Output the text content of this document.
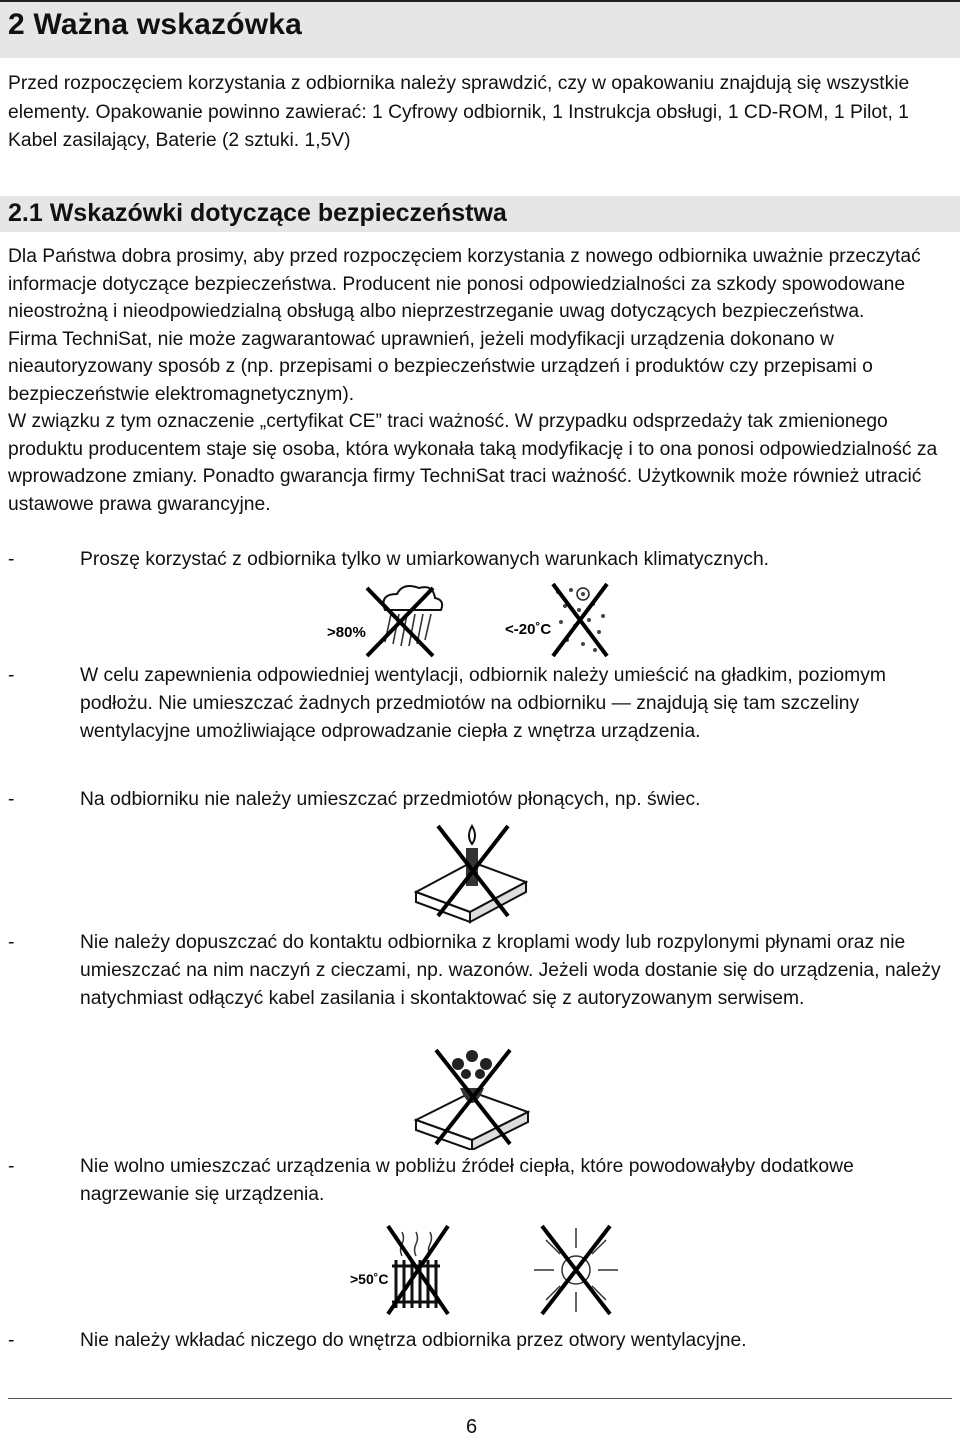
2 Ważna wskazówka

Przed rozpoczęciem korzystania z odbiornika należy sprawdzić, czy w opakowaniu znajdują się wszystkie elementy. Opakowanie powinno zawierać: 1 Cyfrowy odbiornik, 1 Instrukcja obsługi, 1 CD-ROM, 1 Pilot, 1 Kabel zasilający, Baterie (2 sztuki. 1,5V)

2.1 Wskazówki dotyczące bezpieczeństwa

Dla Państwa dobra prosimy, aby przed rozpoczęciem korzystania z nowego odbiornika uważnie przeczytać informacje dotyczące bezpieczeństwa. Producent nie ponosi odpowiedzialności za szkody spowodowane nieostrożną i nieodpowiedzialną obsługą albo nieprzestrzeganie uwag dotyczących bezpieczeństwa.

Firma TechniSat, nie może zagwarantować uprawnień, jeżeli modyfikacji urządzenia dokonano w nieautoryzowany sposób z (np. przepisami o bezpieczeństwie urządzeń i produktów czy przepisami o bezpieczeństwie elektromagnetycznym).

W związku z tym oznaczenie „certyfikat CE” traci ważność. W przypadku odsprzedaży tak zmienionego produktu producentem staje się osoba, która wykonała taką modyfikację i to ona ponosi odpowiedzialność za wprowadzone zmiany. Ponadto gwarancja firmy TechniSat traci ważność. Użytkownik może również utracić ustawowe prawa gwarancyjne.

-	Proszę korzystać z odbiornika tylko w umiarkowanych warunkach klimatycznych.
>80%	<-20˚C
-	W celu zapewnienia odpowiedniej wentylacji, odbiornik należy umieścić na gładkim, poziomym podłożu. Nie umieszczać żadnych przedmiotów na odbiorniku — znajdują się tam szczeliny wentylacyjne umożliwiające odprowadzanie ciepła z wnętrza urządzenia.
-	Na odbiorniku nie należy umieszczać przedmiotów płonących, np. świec.
-	Nie należy dopuszczać do kontaktu odbiornika z kroplami wody lub rozpylonymi płynami oraz nie umieszczać na nim naczyń z cieczami, np. wazonów. Jeżeli woda dostanie się do urządzenia, należy natychmiast odłączyć kabel zasilania i skontaktować się z autoryzowanym serwisem.
-	Nie wolno umieszczać urządzenia w pobliżu źródeł ciepła, które powodowałyby dodatkowe nagrzewanie się urządzenia.
>50˚C
-	Nie należy wkładać niczego do wnętrza odbiornika przez otwory wentylacyjne.
6
